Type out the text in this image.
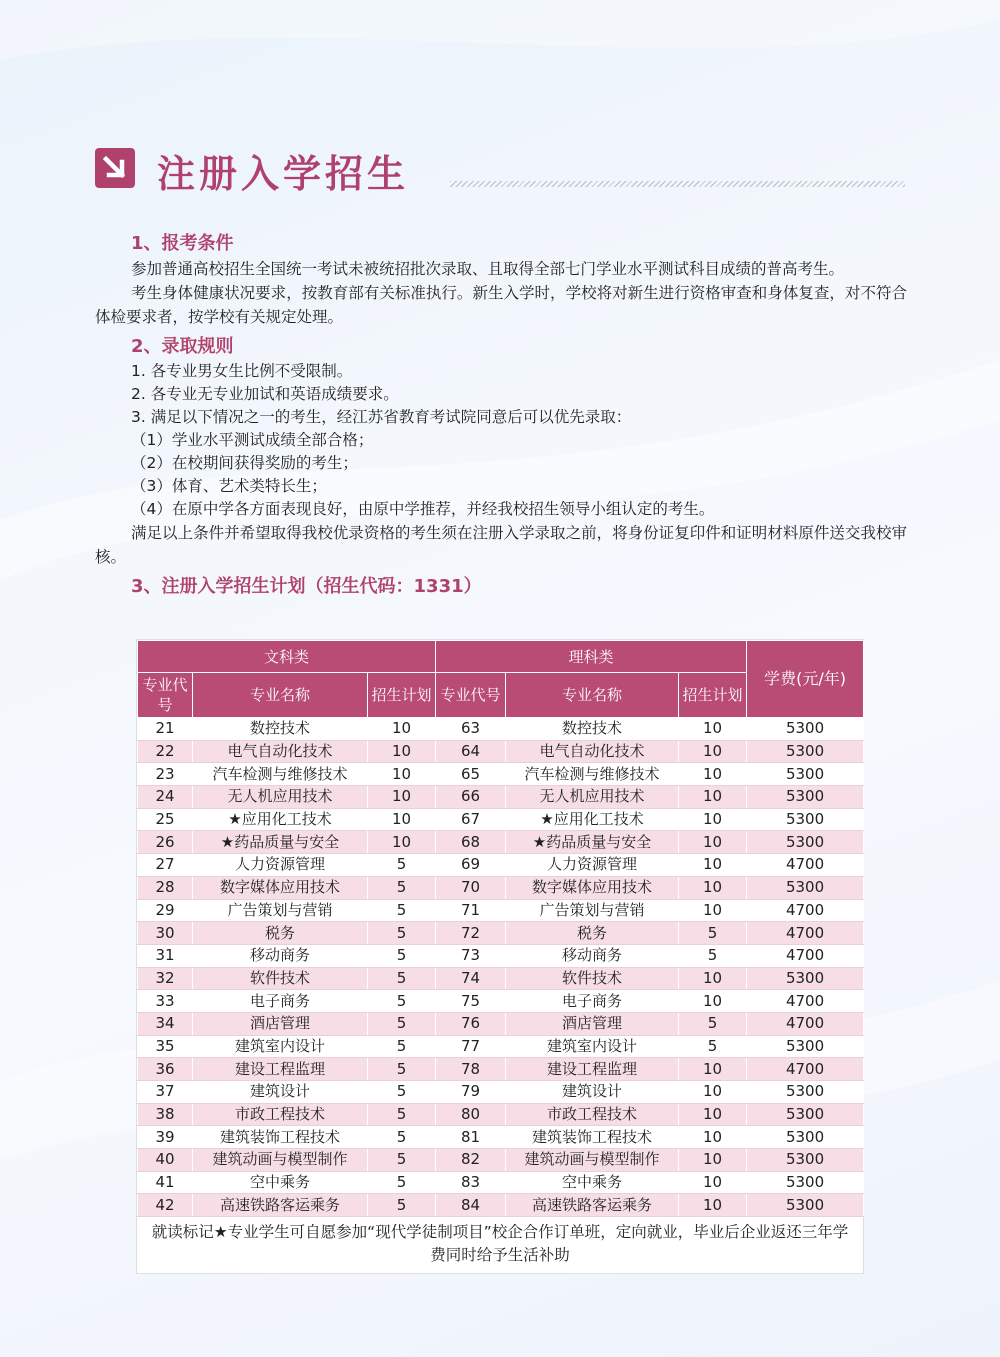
注册入学招生
1、报考条件

参加普通高校招生全国统一考试未被统招批次录取、且取得全部七门学业水平测试科目成绩的普高考生。

考生身体健康状况要求，按教育部有关标准执行。新生入学时，学校将对新生进行资格审查和身体复查，对不符合体检要求者，按学校有关规定处理。

2、录取规则

1. 各专业男女生比例不受限制。

2. 各专业无专业加试和英语成绩要求。

3. 满足以下情况之一的考生，经江苏省教育考试院同意后可以优先录取：

（1）学业水平测试成绩全部合格；

（2）在校期间获得奖励的考生；

（3）体育、艺术类特长生；

（4）在原中学各方面表现良好，由原中学推荐，并经我校招生领导小组认定的考生。

满足以上条件并希望取得我校优录资格的考生须在注册入学录取之前，将身份证复印件和证明材料原件送交我校审核。

3、注册入学招生计划（招生代码：1331）
文科类			理科类			学费(元/年)
专业代号	专业名称	招生计划	专业代号	专业名称	招生计划	
21	数控技术	10	63	数控技术	10	5300
22	电气自动化技术	10	64	电气自动化技术	10	5300
23	汽车检测与维修技术	10	65	汽车检测与维修技术	10	5300
24	无人机应用技术	10	66	无人机应用技术	10	5300
25	★应用化工技术	10	67	★应用化工技术	10	5300
26	★药品质量与安全	10	68	★药品质量与安全	10	5300
27	人力资源管理	5	69	人力资源管理	10	4700
28	数字媒体应用技术	5	70	数字媒体应用技术	10	5300
29	广告策划与营销	5	71	广告策划与营销	10	4700
30	税务	5	72	税务	5	4700
31	移动商务	5	73	移动商务	5	4700
32	软件技术	5	74	软件技术	10	5300
33	电子商务	5	75	电子商务	10	4700
34	酒店管理	5	76	酒店管理	5	4700
35	建筑室内设计	5	77	建筑室内设计	5	5300
36	建设工程监理	5	78	建设工程监理	10	4700
37	建筑设计	5	79	建筑设计	10	5300
38	市政工程技术	5	80	市政工程技术	10	5300
39	建筑装饰工程技术	5	81	建筑装饰工程技术	10	5300
40	建筑动画与模型制作	5	82	建筑动画与模型制作	10	5300
41	空中乘务	5	83	空中乘务	10	5300
42	高速铁路客运乘务	5	84	高速铁路客运乘务	10	5300
就读标记★专业学生可自愿参加“现代学徒制项目”校企合作订单班，定向就业，毕业后企业返还三年学费同时给予生活补助
